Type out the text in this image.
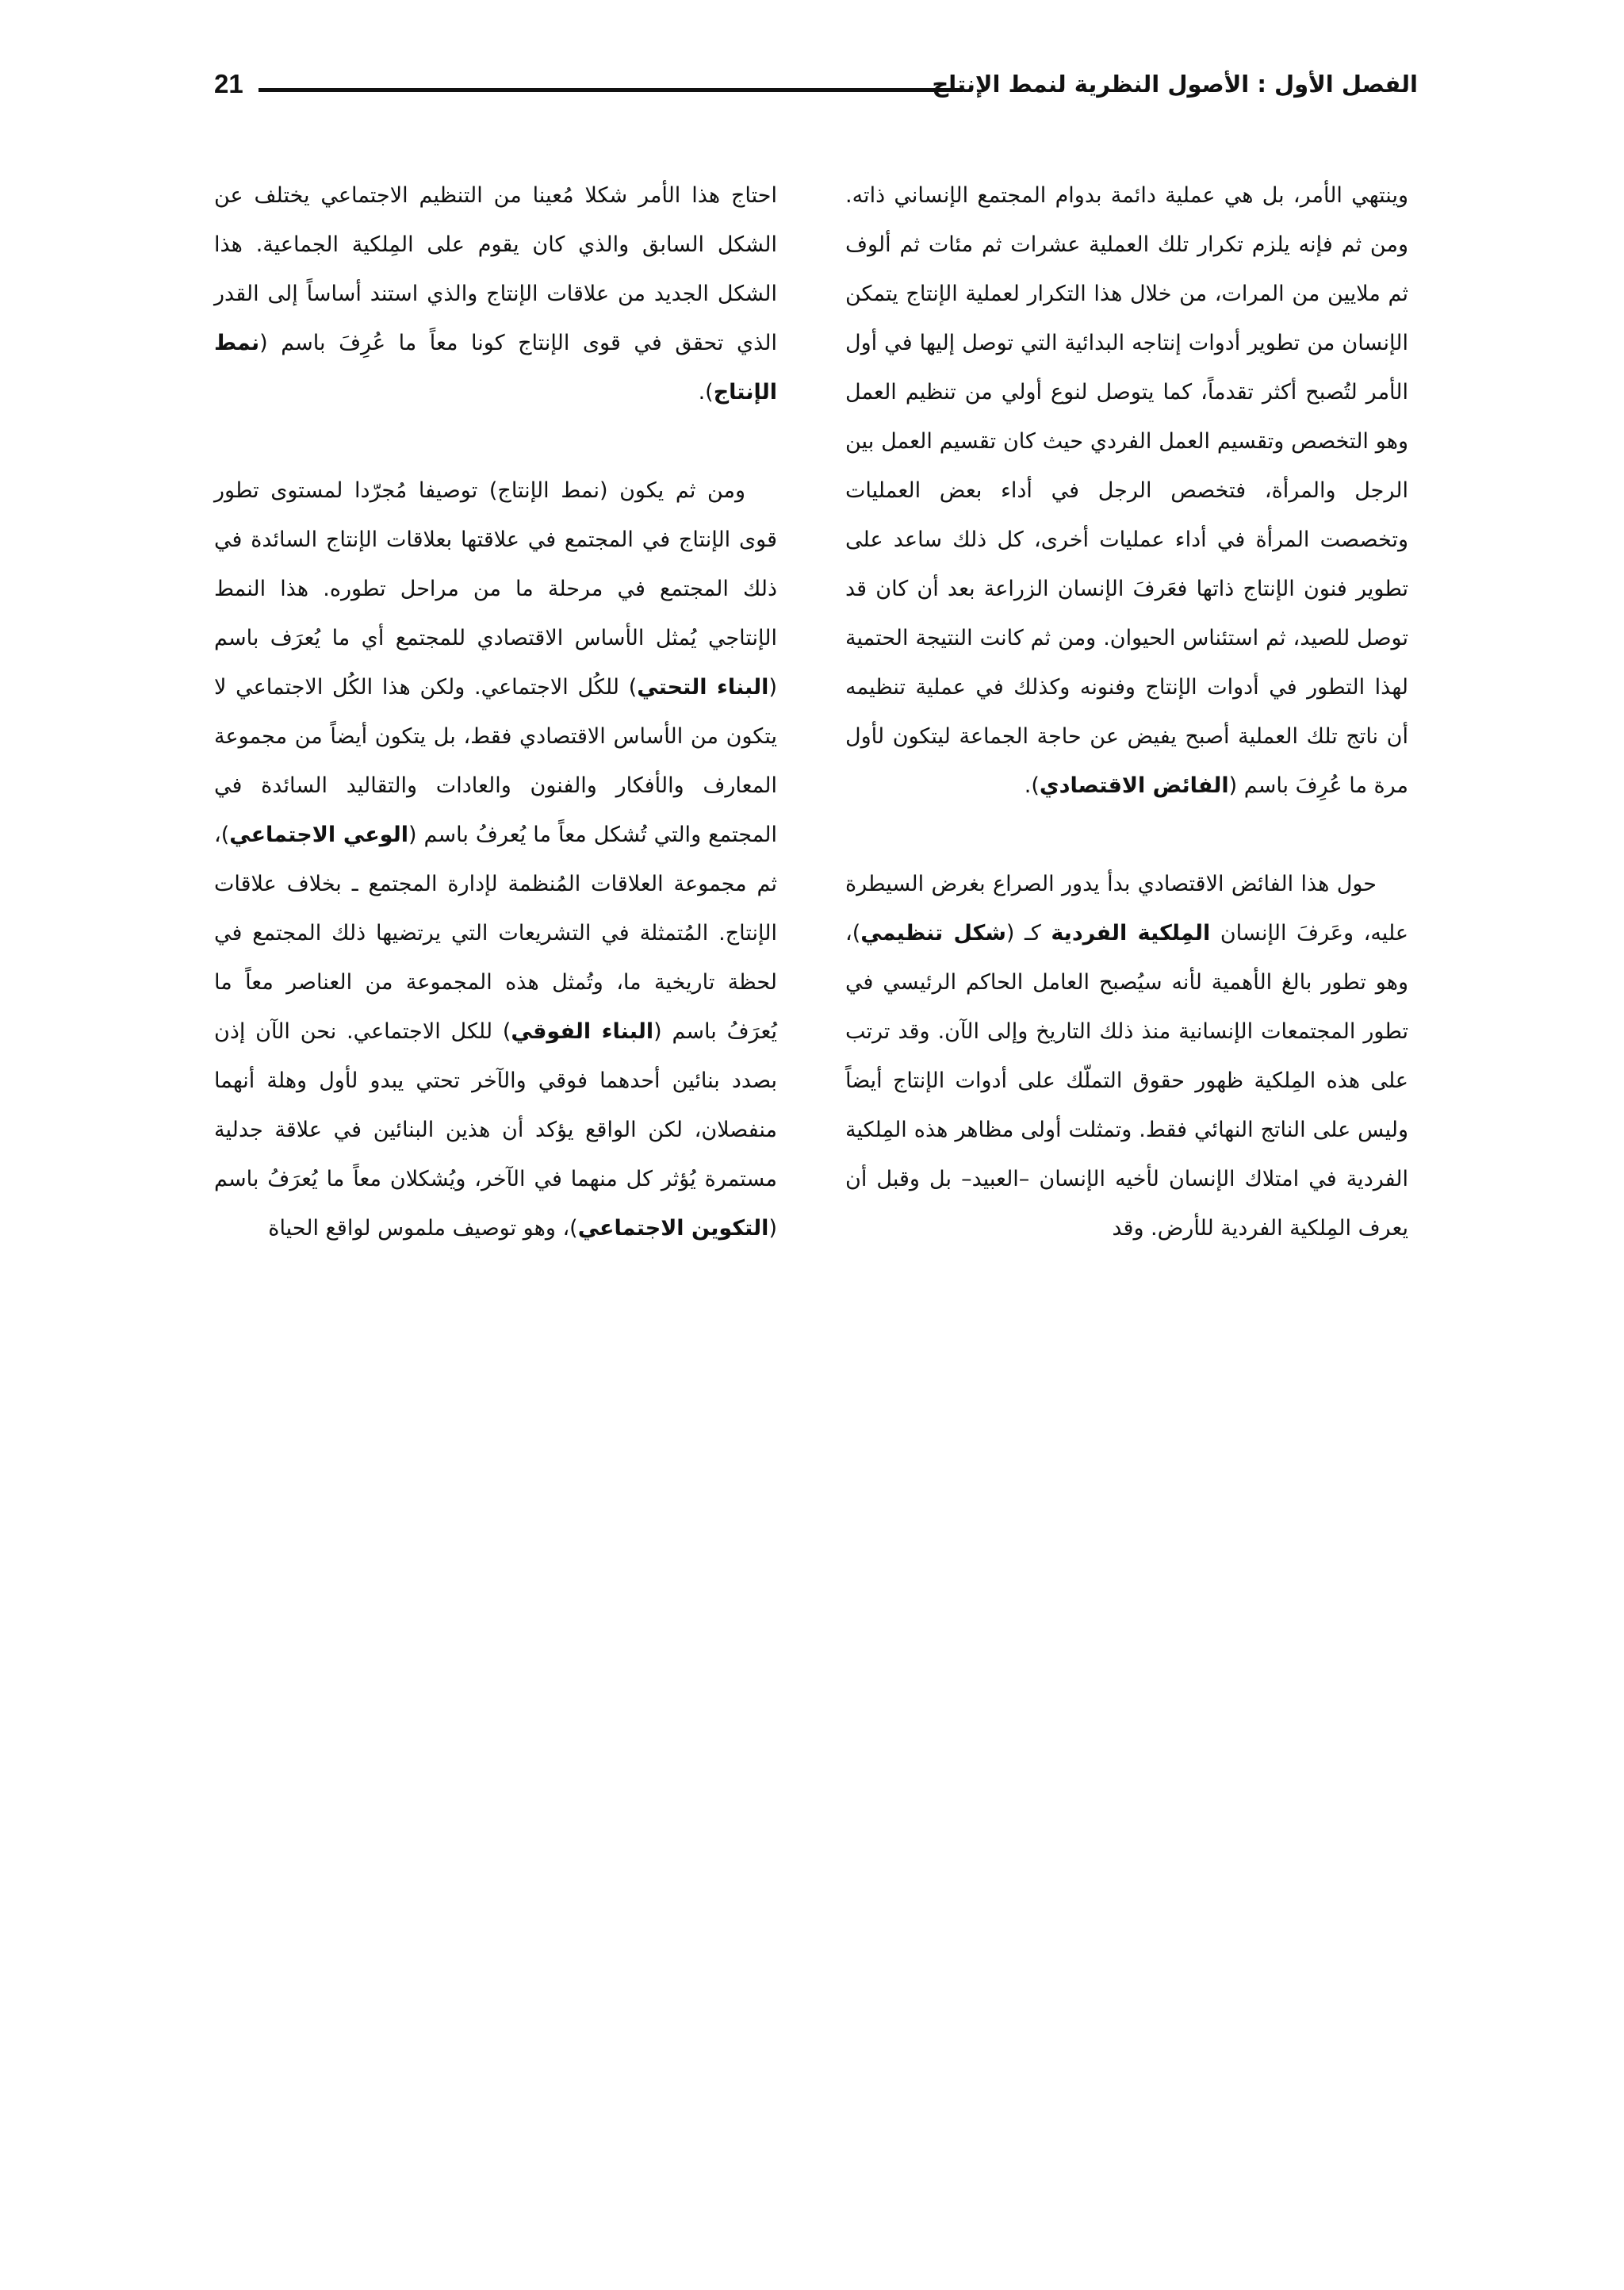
21	الفصل الأول : الأصول النظرية لنمط الإنتاج

وينتهي الأمر، بل هي عملية دائمة بدوام المجتمع الإنساني ذاته. ومن ثم فإنه يلزم تكرار تلك العملية عشرات ثم مئات ثم ألوف ثم ملايين من المرات، من خلال هذا التكرار لعملية الإنتاج يتمكن الإنسان من تطوير أدوات إنتاجه البدائية التي توصل إليها في أول الأمر لتُصبح أكثر تقدماً، كما يتوصل لنوع أولي من تنظيم العمل وهو التخصص وتقسيم العمل الفردي حيث كان تقسيم العمل بين الرجل والمرأة، فتخصص الرجل في أداء بعض العمليات وتخصصت المرأة في أداء عمليات أخرى، كل ذلك ساعد على تطوير فنون الإنتاج ذاتها فعَرفَ الإنسان الزراعة بعد أن كان قد توصل للصيد، ثم استئناس الحيوان. ومن ثم كانت النتيجة الحتمية لهذا التطور في أدوات الإنتاج وفنونه وكذلك في عملية تنظيمه أن ناتج تلك العملية أصبح يفيض عن حاجة الجماعة ليتكون لأول مرة ما عُرِفَ باسم (الفائض الاقتصادي).

حول هذا الفائض الاقتصادي بدأ يدور الصراع بغرض السيطرة عليه، وعَرفَ الإنسان المِلكية الفردية كـ (شكل تنظيمي)، وهو تطور بالغ الأهمية لأنه سيُصبح العامل الحاكم الرئيسي في تطور المجتمعات الإنسانية منذ ذلك التاريخ وإلى الآن. وقد ترتب على هذه المِلكية ظهور حقوق التملّك على أدوات الإنتاج أيضاً وليس على الناتج النهائي فقط. وتمثلت أولى مظاهر هذه المِلكية الفردية في امتلاك الإنسان لأخيه الإنسان –العبيد– بل وقبل أن يعرف المِلكية الفردية للأرض. وقد

احتاج هذا الأمر شكلا مُعينا من التنظيم الاجتماعي يختلف عن الشكل السابق والذي كان يقوم على المِلكية الجماعية. هذا الشكل الجديد من علاقات الإنتاج والذي استند أساساً إلى القدر الذي تحقق في قوى الإنتاج كونا معاً ما عُرِفَ باسم (نمط الإنتاج).

ومن ثم يكون (نمط الإنتاج) توصيفا مُجرّدا لمستوى تطور قوى الإنتاج في المجتمع في علاقتها بعلاقات الإنتاج السائدة في ذلك المجتمع في مرحلة ما من مراحل تطوره. هذا النمط الإنتاجي يُمثل الأساس الاقتصادي للمجتمع أي ما يُعرَف باسم (البناء التحتي) للكُل الاجتماعي. ولكن هذا الكُل الاجتماعي لا يتكون من الأساس الاقتصادي فقط، بل يتكون أيضاً من مجموعة المعارف والأفكار والفنون والعادات والتقاليد السائدة في المجتمع والتي تُشكل معاً ما يُعرفُ باسم (الوعي الاجتماعي)، ثم مجموعة العلاقات المُنظمة لإدارة المجتمع ـ بخلاف علاقات الإنتاج. المُتمثلة في التشريعات التي يرتضيها ذلك المجتمع في لحظة تاريخية ما، وتُمثل هذه المجموعة من العناصر معاً ما يُعرَفُ باسم (البناء الفوقي) للكل الاجتماعي. نحن الآن إذن بصدد بنائين أحدهما فوقي والآخر تحتي يبدو لأول وهلة أنهما منفصلان، لكن الواقع يؤكد أن هذين البنائين في علاقة جدلية مستمرة يُؤثر كل منهما في الآخر، ويُشكلان معاً ما يُعرَفُ باسم (التكوين الاجتماعي)، وهو توصيف ملموس لواقع الحياة
